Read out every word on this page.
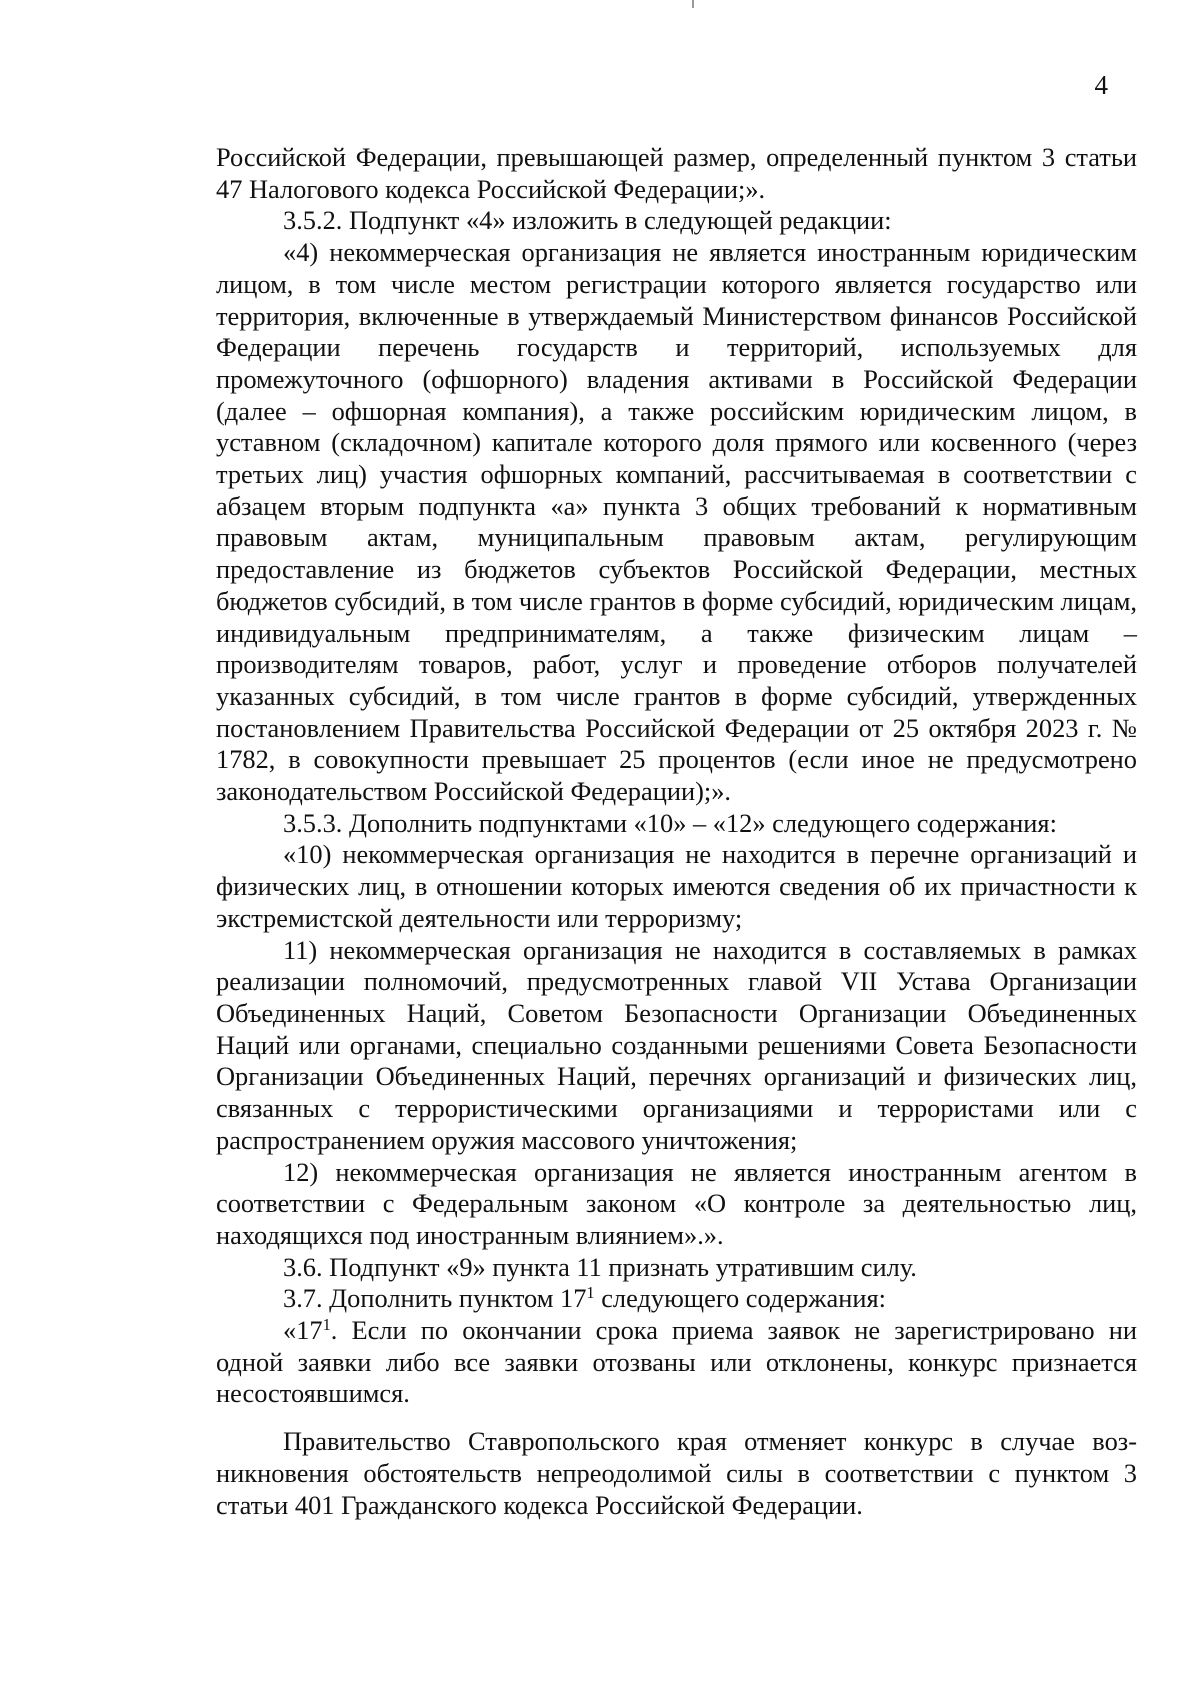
4

Российской Федерации, превышающей размер, определенный пунктом 3 статьи 47 Налогового кодекса Российской Федерации;».

3.5.2. Подпункт «4» изложить в следующей редакции:

«4) некоммерческая организация не является иностранным юридическим лицом, в том числе местом регистрации которого является государство или территория, включенные в утверждаемый Министерством финансов Российской Федерации перечень государств и территорий, используемых для промежуточного (офшорного) владения активами в Российской Федерации (далее – офшорная компания), а также российским юридическим лицом, в уставном (складочном) капитале которого доля прямого или косвенного (через третьих лиц) участия офшорных компаний, рассчитываемая в соответствии с абзацем вторым подпункта «а» пункта 3 общих требований к нормативным правовым актам, муниципальным правовым актам, регулирующим предоставление из бюджетов субъектов Российской Федерации, местных бюджетов субсидий, в том числе грантов в форме субсидий, юридическим лицам, индивидуальным предпринимателям, а также физическим лицам – производителям товаров, работ, услуг и проведение отборов получателей указанных субсидий, в том числе грантов в форме субсидий, утвержденных постановлением Правительства Российской Федерации от 25 октября 2023 г. № 1782, в совокупности превышает 25 процентов (если иное не предусмотрено законодательством Российской Федерации);».

3.5.3. Дополнить подпунктами «10» – «12» следующего содержания:

«10) некоммерческая организация не находится в перечне организаций и физических лиц, в отношении которых имеются сведения об их причастности к экстремистской деятельности или терроризму;

11) некоммерческая организация не находится в составляемых в рамках реализации полномочий, предусмотренных главой VII Устава Организации Объединенных Наций, Советом Безопасности Организации Объединенных Наций или органами, специально созданными решениями Совета Безопасности Организации Объединенных Наций, перечнях организаций и физических лиц, связанных с террористическими организациями и террористами или с распространением оружия массового уничтожения;

12) некоммерческая организация не является иностранным агентом в соответствии с Федеральным законом «О контроле за деятельностью лиц, находящихся под иностранным влиянием».».

3.6. Подпункт «9» пункта 11 признать утратившим силу.

3.7. Дополнить пунктом $17^1$ следующего содержания:

«$17^1$. Если по окончании срока приема заявок не зарегистрировано ни одной заявки либо все заявки отозваны или отклонены, конкурс признается несостоявшимся.

Правительство Ставропольского края отменяет конкурс в случае возникновения обстоятельств непреодолимой силы в соответствии с пунктом 3 статьи 401 Гражданского кодекса Российской Федерации.
